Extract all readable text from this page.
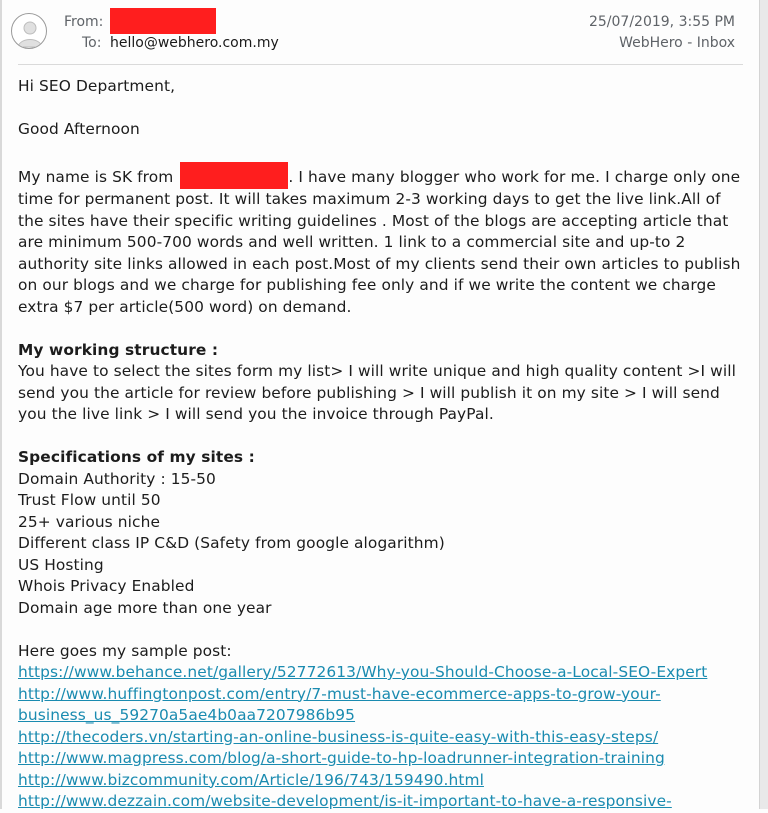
From:
To: hello@webhero.com.my
25/07/2019, 3:55 PM
WebHero - Inbox

Hi SEO Department,

Good Afternoon

My name is SK from	. I have many blogger who work for me. I charge only one time for permanent post. It will takes maximum 2-3 working days to get the live link.All of the sites have their specific writing guidelines . Most of the blogs are accepting article that are minimum 500-700 words and well written. 1 link to a commercial site and up-to 2 authority site links allowed in each post.Most of my clients send their own articles to publish on our blogs and we charge for publishing fee only and if we write the content we charge extra $7 per article(500 word) on demand.

My working structure :

You have to select the sites form my list> I will write unique and high quality content >I will send you the article for review before publishing > I will publish it on my site > I will send you the live link > I will send you the invoice through PayPal.

Specifications of my sites :

Domain Authority : 15-50

Trust Flow until 50

25+ various niche

Different class IP C&D (Safety from google alogarithm)

US Hosting

Whois Privacy Enabled

Domain age more than one year

Here goes my sample post:

https://www.behance.net/gallery/52772613/Why-you-Should-Choose-a-Local-SEO-Expert
http://www.huffingtonpost.com/entry/7-must-have-ecommerce-apps-to-grow-your-
business_us_59270a5ae4b0aa7207986b95
http://thecoders.vn/starting-an-online-business-is-quite-easy-with-this-easy-steps/
http://www.magpress.com/blog/a-short-guide-to-hp-loadrunner-integration-training
http://www.bizcommunity.com/Article/196/743/159490.html
http://www.dezzain.com/website-development/is-it-important-to-have-a-responsive-
